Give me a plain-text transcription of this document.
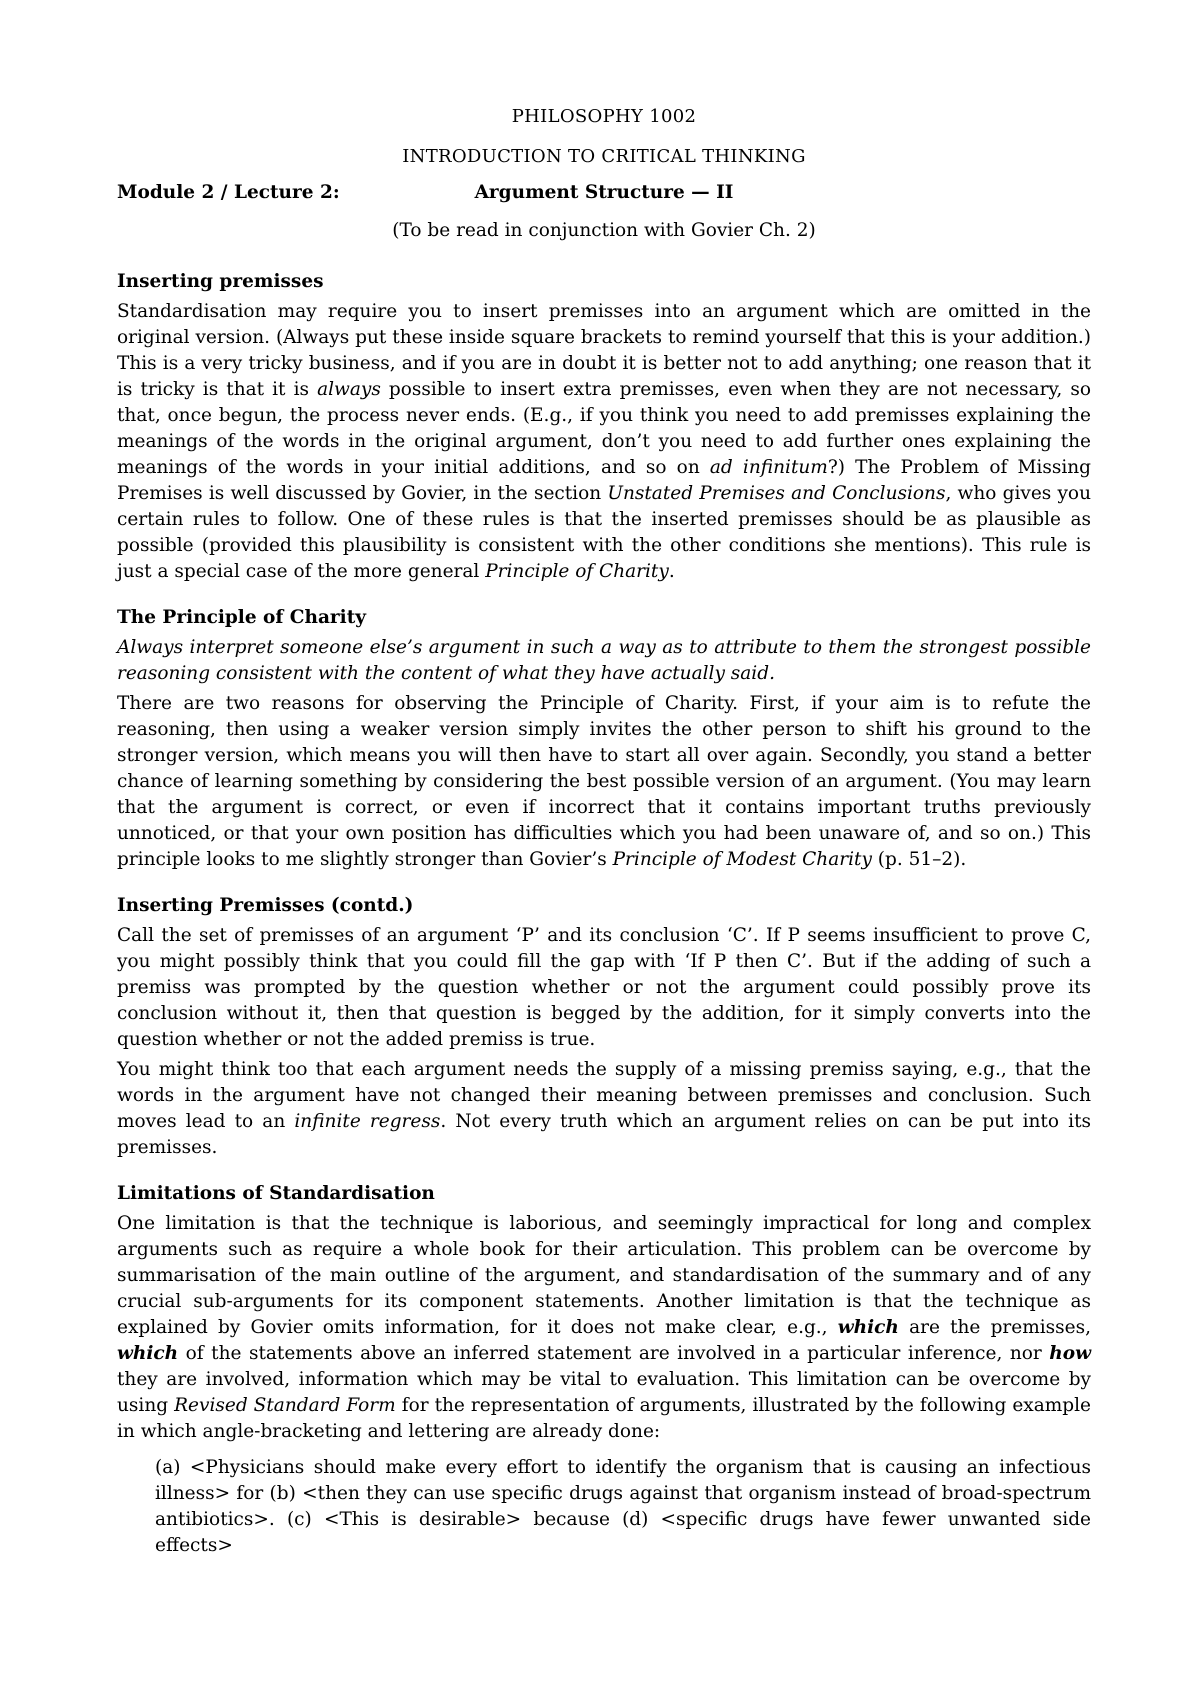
PHILOSOPHY 1002
INTRODUCTION TO CRITICAL THINKING
Module 2 / Lecture 2:	Argument Structure — II
(To be read in conjunction with Govier Ch. 2)
Inserting premisses

Standardisation may require you to insert premisses into an argument which are omitted in the original version. (Always put these inside square brackets to remind yourself that this is your addition.) This is a very tricky business, and if you are in doubt it is better not to add anything; one reason that it is tricky is that it is always possible to insert extra premisses, even when they are not necessary, so that, once begun, the process never ends. (E.g., if you think you need to add premisses explaining the meanings of the words in the original argument, don’t you need to add further ones explaining the meanings of the words in your initial additions, and so on ad infinitum?) The Problem of Missing Premises is well discussed by Govier, in the section Unstated Premises and Conclusions, who gives you certain rules to follow. One of these rules is that the inserted premisses should be as plausible as possible (provided this plausibility is consistent with the other conditions she mentions). This rule is just a special case of the more general Principle of Charity.

The Principle of Charity
Always interpret someone else’s argument in such a way as to attribute to them the strongest possible reasoning consistent with the content of what they have actually said.

There are two reasons for observing the Principle of Charity. First, if your aim is to refute the reasoning, then using a weaker version simply invites the other person to shift his ground to the stronger version, which means you will then have to start all over again. Secondly, you stand a better chance of learning something by considering the best possible version of an argument. (You may learn that the argument is correct, or even if incorrect that it contains important truths previously unnoticed, or that your own position has difficulties which you had been unaware of, and so on.) This principle looks to me slightly stronger than Govier’s Principle of Modest Charity (p. 51–2).

Inserting Premisses (contd.)

Call the set of premisses of an argument ‘P’ and its conclusion ‘C’. If P seems insufficient to prove C, you might possibly think that you could fill the gap with ‘If P then C’. But if the adding of such a premiss was prompted by the question whether or not the argument could possibly prove its conclusion without it, then that question is begged by the addition, for it simply converts into the question whether or not the added premiss is true.

You might think too that each argument needs the supply of a missing premiss saying, e.g., that the words in the argument have not changed their meaning between premisses and conclusion. Such moves lead to an infinite regress. Not every truth which an argument relies on can be put into its premisses.

Limitations of Standardisation

One limitation is that the technique is laborious, and seemingly impractical for long and complex arguments such as require a whole book for their articulation. This problem can be overcome by summarisation of the main outline of the argument, and standardisation of the summary and of any crucial sub-arguments for its component statements. Another limitation is that the technique as explained by Govier omits information, for it does not make clear, e.g., which are the premisses, which of the statements above an inferred statement are involved in a particular inference, nor how they are involved, information which may be vital to evaluation. This limitation can be overcome by using Revised Standard Form for the representation of arguments, illustrated by the following example in which angle-bracketing and lettering are already done:

(a) <Physicians should make every effort to identify the organism that is causing an infectious illness> for (b) <then they can use specific drugs against that organism instead of broad-spectrum antibiotics>. (c) <This is desirable> because (d) <specific drugs have fewer unwanted side effects>
